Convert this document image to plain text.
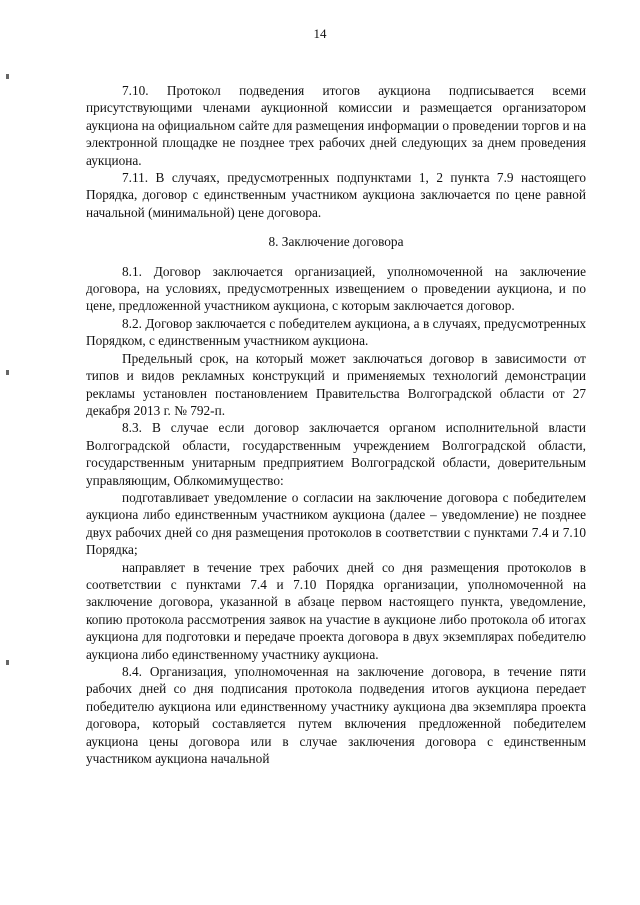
14

7.10. Протокол подведения итогов аукциона подписывается всеми присутствующими членами аукционной комиссии и размещается организатором аукциона на официальном сайте для размещения информации о проведении торгов и на электронной площадке не позднее трех рабочих дней следующих за днем проведения аукциона.

7.11. В случаях, предусмотренных подпунктами 1, 2 пункта 7.9 настоящего Порядка, договор с единственным участником аукциона заключается по цене равной начальной (минимальной) цене договора.

8. Заключение договора

8.1. Договор заключается организацией, уполномоченной на заключение договора, на условиях, предусмотренных извещением о проведении аукциона, и по цене, предложенной участником аукциона, с которым заключается договор.

8.2. Договор заключается с победителем аукциона, а в случаях, предусмотренных Порядком, с единственным участником аукциона.

Предельный срок, на который может заключаться договор в зависимости от типов и видов рекламных конструкций и применяемых технологий демонстрации рекламы установлен постановлением Правительства Волгоградской области от 27 декабря 2013 г. № 792-п.

8.3. В случае если договор заключается органом исполнительной власти Волгоградской области, государственным учреждением Волгоградской области, государственным унитарным предприятием Волгоградской области, доверительным управляющим, Облкомимущество:

подготавливает уведомление о согласии на заключение договора с победителем аукциона либо единственным участником аукциона (далее – уведомление) не позднее двух рабочих дней со дня размещения протоколов в соответствии с пунктами 7.4 и 7.10 Порядка;

направляет в течение трех рабочих дней со дня размещения протоколов в соответствии с пунктами 7.4 и 7.10 Порядка организации, уполномоченной на заключение договора, указанной в абзаце первом настоящего пункта, уведомление, копию протокола рассмотрения заявок на участие в аукционе либо протокола об итогах аукциона для подготовки и передаче проекта договора в двух экземплярах победителю аукциона либо единственному участнику аукциона.

8.4. Организация, уполномоченная на заключение договора, в течение пяти рабочих дней со дня подписания протокола подведения итогов аукциона передает победителю аукциона или единственному участнику аукциона два экземпляра проекта договора, который составляется путем включения предложенной победителем аукциона цены договора или в случае заключения договора с единственным участником аукциона начальной
